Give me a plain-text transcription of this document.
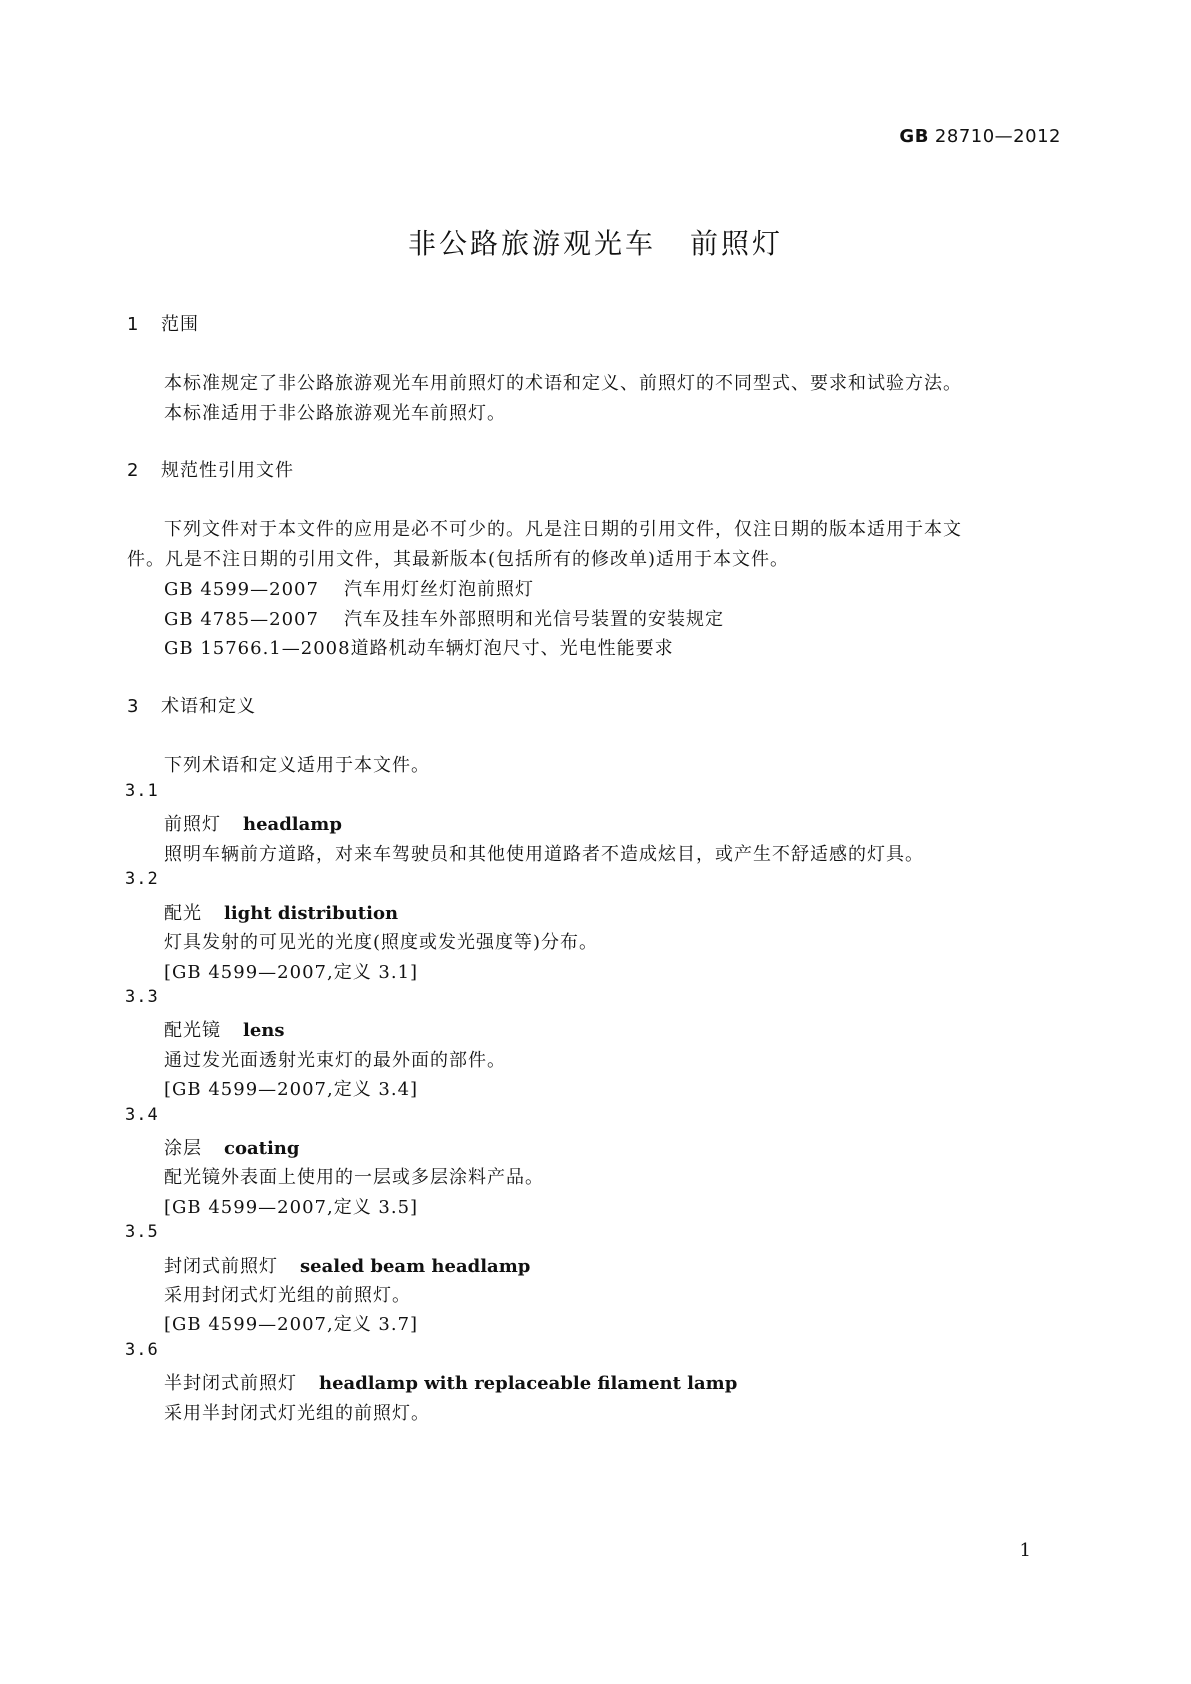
GB 28710—2012
非公路旅游观光车 前照灯
1 范围
本标准规定了非公路旅游观光车用前照灯的术语和定义、前照灯的不同型式、要求和试验方法。
本标准适用于非公路旅游观光车前照灯。
2 规范性引用文件
下列文件对于本文件的应用是必不可少的。凡是注日期的引用文件，仅注日期的版本适用于本文
件。凡是不注日期的引用文件，其最新版本(包括所有的修改单)适用于本文件。
GB 4599—2007 汽车用灯丝灯泡前照灯
GB 4785—2007 汽车及挂车外部照明和光信号装置的安装规定
GB 15766.1—2008道路机动车辆灯泡尺寸、光电性能要求
3 术语和定义
下列术语和定义适用于本文件。
3.1
前照灯 headlamp
照明车辆前方道路，对来车驾驶员和其他使用道路者不造成炫目，或产生不舒适感的灯具。
3.2
配光 light distribution
灯具发射的可见光的光度(照度或发光强度等)分布。
[GB 4599—2007,定义 3.1]
3.3
配光镜 lens
通过发光面透射光束灯的最外面的部件。
[GB 4599—2007,定义 3.4]
3.4
涂层 coating
配光镜外表面上使用的一层或多层涂料产品。
[GB 4599—2007,定义 3.5]
3.5
封闭式前照灯 sealed beam headlamp
采用封闭式灯光组的前照灯。
[GB 4599—2007,定义 3.7]
3.6
半封闭式前照灯 headlamp with replaceable filament lamp
采用半封闭式灯光组的前照灯。
1
